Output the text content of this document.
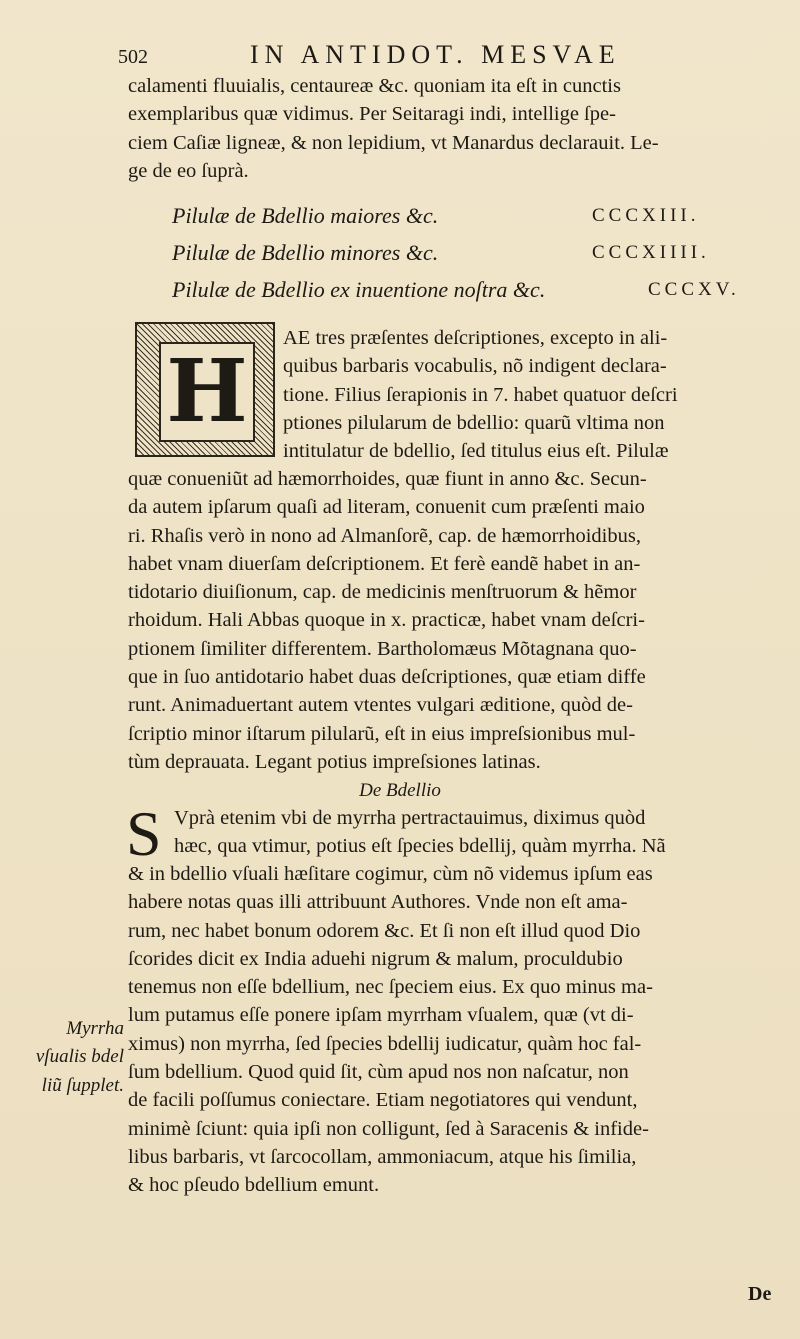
502	IN ANTIDOT. MESVAE
calamenti fluuialis, centaureæ &c. quoniam ita eſt in cunctis
exemplaribus quæ vidimus. Per Seitaragi indi, intellige ſpe-
ciem Caſiæ ligneæ, & non lepidium, vt Manardus declarauit. Le-
ge de eo ſuprà.
Pilulæ de Bdellio maiores &c.	CCCXIII.
Pilulæ de Bdellio minores &c.	CCCXIIII.
Pilulæ de Bdellio ex inuentione noſtra &c.	CCCXV.
H
AE tres præſentes deſcriptiones, excepto in ali-
quibus barbaris vocabulis, nõ indigent declara-
tione. Filius ſerapionis in 7. habet quatuor deſcri
ptiones pilularum de bdellio: quarũ vltima non
intitulatur de bdellio, ſed titulus eius eſt. Pilulæ
quæ conueniũt ad hæmorrhoides, quæ fiunt in anno &c. Secun-
da autem ipſarum quaſi ad literam, conuenit cum præſenti maio
ri. Rhaſis verò in nono ad Almanſorẽ, cap. de hæmorrhoidibus,
habet vnam diuerſam deſcriptionem. Et ferè eandẽ habet in an-
tidotario diuiſionum, cap. de medicinis menſtruorum & hẽmor
rhoidum. Hali Abbas quoque in x. practicæ, habet vnam deſcri-
ptionem ſimiliter differentem. Bartholomæus Mõtagnana quo-
que in ſuo antidotario habet duas deſcriptiones, quæ etiam diffe
runt. Animaduertant autem vtentes vulgari æditione, quòd de-
ſcriptio minor iſtarum pilularũ, eſt in eius impreſsionibus mul-
tùm deprauata. Legant potius impreſsiones latinas.
De Bdellio
S Vprà etenim vbi de myrrha pertractauimus, diximus quòd
hæc, qua vtimur, potius eſt ſpecies bdellij, quàm myrrha. Nã
& in bdellio vſuali hæſitare cogimur, cùm nõ videmus ipſum eas
habere notas quas illi attribuunt Authores. Vnde non eſt ama-
rum, nec habet bonum odorem &c. Et ſi non eſt illud quod Dio
ſcorides dicit ex India aduehi nigrum & malum, proculdubio
tenemus non eſſe bdellium, nec ſpeciem eius. Ex quo minus ma-
lum putamus eſſe ponere ipſam myrrham vſualem, quæ (vt di-
ximus) non myrrha, ſed ſpecies bdellij iudicatur, quàm hoc fal-
ſum bdellium. Quod quid ſit, cùm apud nos non naſcatur, non
de facili poſſumus coniectare. Etiam negotiatores qui vendunt,
minimè ſciunt: quia ipſi non colligunt, ſed à Saracenis & infide-
libus barbaris, vt ſarcocollam, ammoniacum, atque his ſimilia,
& hoc pſeudo bdellium emunt.
Myrrha
vſualis bdel
liũ ſupplet.
De
